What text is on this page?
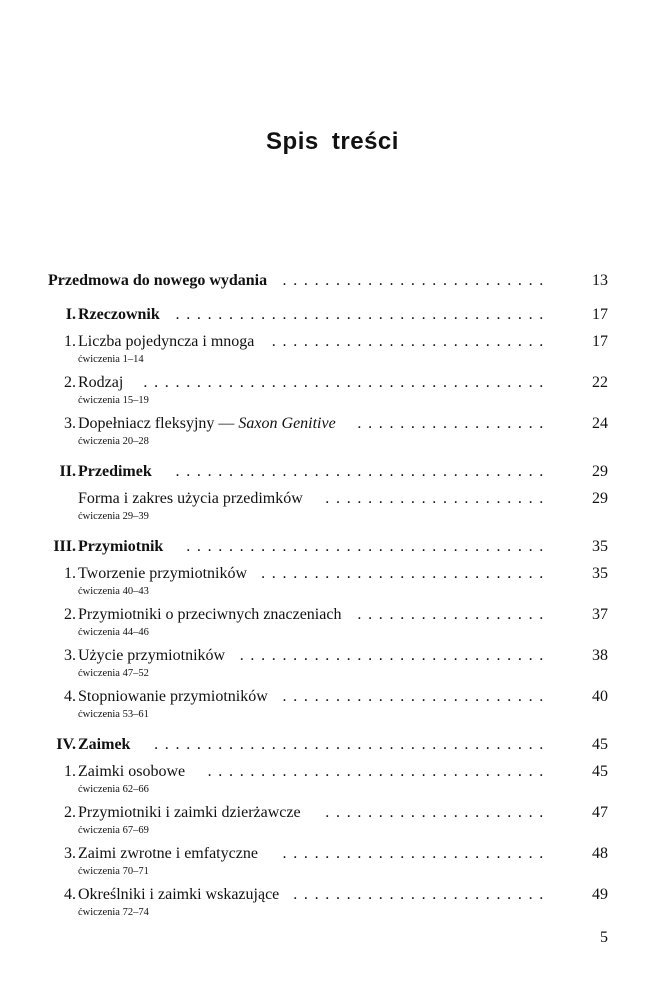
Spis treści
Przedmowa do nowego wydania .........................	13
I. Rzeczownik ...................................	17
1. Liczba pojedyncza i mnoga ..........................	17
ćwiczenia 1–14
2. Rodzaj	......................................	22
ćwiczenia 15–19
3. Dopełniacz fleksyjny — Saxon Genitive	..................	24
ćwiczenia 20–28
II. Przedimek	...................................	29
Forma i zakres użycia przedimków	.....................	29
ćwiczenia 29–39
III. Przymiotnik	..................................	35
1. Tworzenie przymiotników ...........................	35
ćwiczenia 40–43
2. Przymiotniki o przeciwnych znaczeniach ..................	37
ćwiczenia 44–46
3. Użycie przymiotników .............................	38
ćwiczenia 47–52
4. Stopniowanie przymiotników .........................	40
ćwiczenia 53–61
IV. Zaimek	.....................................	45
1. Zaimki osobowe	................................	45
ćwiczenia 62–66
2. Przymiotniki i zaimki dzierżawcze	.....................	47
ćwiczenia 67–69
3. Zaimi zwrotne i emfatyczne	.........................	48
ćwiczenia 70–71
4. Określniki i zaimki wskazujące ........................	49
ćwiczenia 72–74
5
